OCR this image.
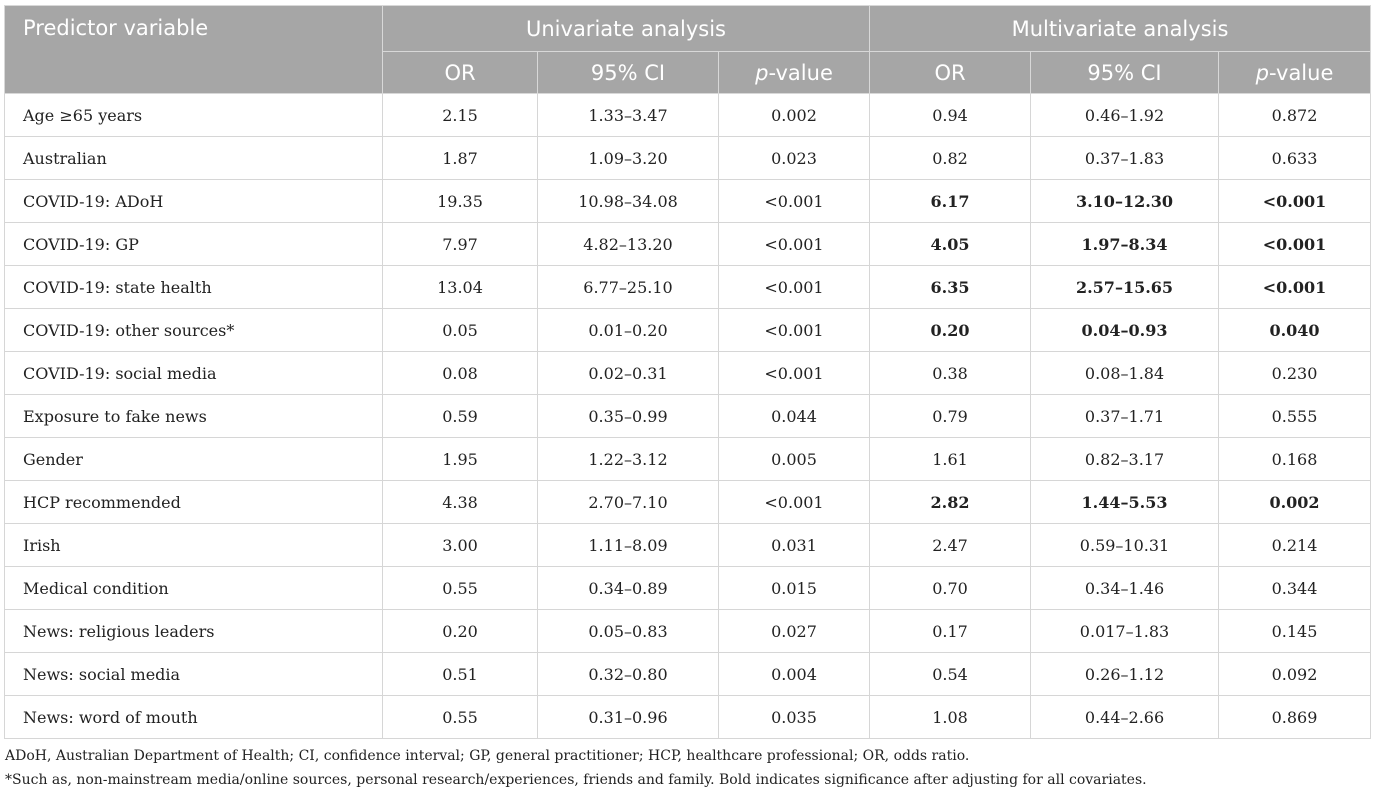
Predictor variable	Univariate analysis			Multivariate analysis		
	OR	95% CI	p-value	OR	95% CI	p-value
Age ≥65 years	2.15	1.33–3.47	0.002	0.94	0.46–1.92	0.872
Australian	1.87	1.09–3.20	0.023	0.82	0.37–1.83	0.633
COVID-19: ADoH	19.35	10.98–34.08	<0.001	6.17	3.10–12.30	<0.001
COVID-19: GP	7.97	4.82–13.20	<0.001	4.05	1.97–8.34	<0.001
COVID-19: state health	13.04	6.77–25.10	<0.001	6.35	2.57–15.65	<0.001
COVID-19: other sources*	0.05	0.01–0.20	<0.001	0.20	0.04–0.93	0.040
COVID-19: social media	0.08	0.02–0.31	<0.001	0.38	0.08–1.84	0.230
Exposure to fake news	0.59	0.35–0.99	0.044	0.79	0.37–1.71	0.555
Gender	1.95	1.22–3.12	0.005	1.61	0.82–3.17	0.168
HCP recommended	4.38	2.70–7.10	<0.001	2.82	1.44–5.53	0.002
Irish	3.00	1.11–8.09	0.031	2.47	0.59–10.31	0.214
Medical condition	0.55	0.34–0.89	0.015	0.70	0.34–1.46	0.344
News: religious leaders	0.20	0.05–0.83	0.027	0.17	0.017–1.83	0.145
News: social media	0.51	0.32–0.80	0.004	0.54	0.26–1.12	0.092
News: word of mouth	0.55	0.31–0.96	0.035	1.08	0.44–2.66	0.869

ADoH, Australian Department of Health; CI, confidence interval; GP, general practitioner; HCP, healthcare professional; OR, odds ratio.

*Such as, non-mainstream media/online sources, personal research/experiences, friends and family. Bold indicates significance after adjusting for all covariates.
